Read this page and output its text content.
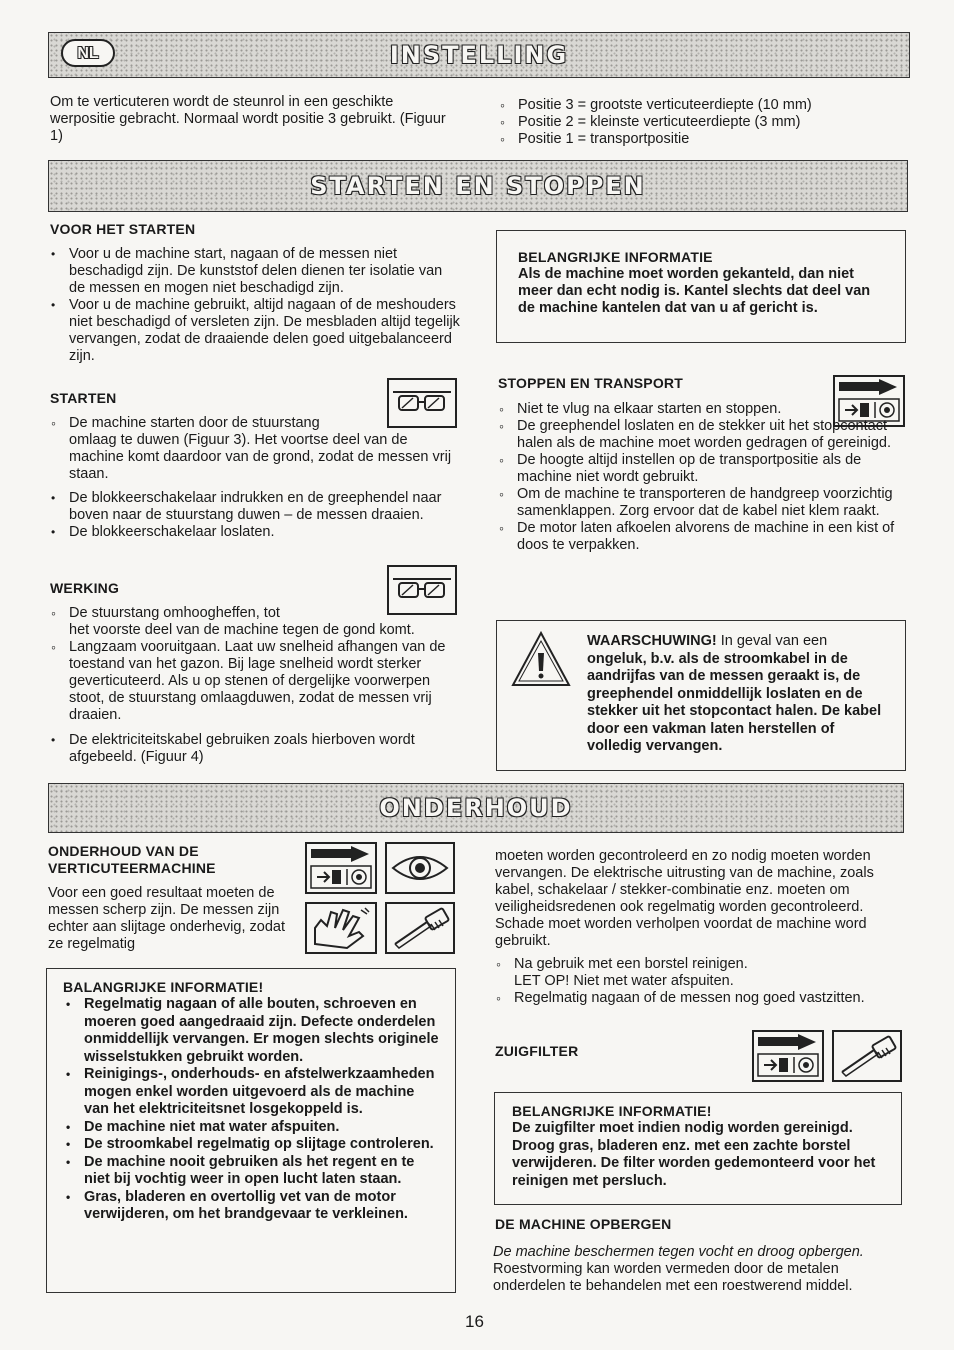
NL	INSTELLING
Om te verticuteren wordt de steunrol in een geschikte werpositie gebracht. Normaal wordt positie 3 gebruikt. (Figuur 1)
◦ Positie 3 = grootste verticuteerdiepte (10 mm)
◦ Positie 2 = kleinste verticuteerdiepte (3 mm)
◦ Positie 1 = transportpositie
STARTEN EN STOPPEN
VOOR HET STARTEN
• Voor u de machine start, nagaan of de messen niet beschadigd zijn. De kunststof delen dienen ter isolatie van de messen en mogen niet beschadigd zijn.
• Voor u de machine gebruikt, altijd nagaan of de meshouders niet beschadigd of versleten zijn. De mesbladen altijd tegelijk vervangen, zodat de draaiende delen goed uitgebalanceerd zijn.
STARTEN
◦ De machine starten door de stuurstang
omlaag te duwen (Figuur 3). Het voortse deel van de machine komt daardoor van de grond, zodat de messen vrij staan.
• De blokkeerschakelaar indrukken en de greephendel naar boven naar de stuurstang duwen – de messen draaien.
• De blokkeerschakelaar loslaten.
WERKING
◦ De stuurstang omhoogheffen, tot
het voorste deel van de machine tegen de gond komt.
◦ Langzaam vooruitgaan. Laat uw snelheid afhangen van de toestand van het gazon. Bij lage snelheid wordt sterker geverticuteerd. Als u op stenen of dergelijke voorwerpen stoot, de stuurstang omlaagduwen, zodat de messen vrij draaien.
• De elektriciteitskabel gebruiken zoals hierboven wordt afgebeeld. (Figuur 4)
BELANGRIJKE INFORMATIE
Als de machine moet worden gekanteld, dan niet meer dan echt nodig is. Kantel slechts dat deel van de machine kantelen dat van u af gericht is.
STOPPEN EN TRANSPORT
◦ Niet te vlug na elkaar starten en stoppen.
◦ De greephendel loslaten en de stekker uit het stopcontact halen als de machine moet worden gedragen of gereinigd.
◦ De hoogte altijd instellen op de transportpositie als de machine niet wordt gebruikt.
◦ Om de machine te transporteren de handgreep voorzichtig samenklappen. Zorg ervoor dat de kabel niet klem raakt.
◦ De motor laten afkoelen alvorens de machine in een kist of doos te verpakken.
WAARSCHUWING! In geval van een ongeluk, b.v. als de stroomkabel in de aandrijfas van de messen geraakt is, de greephendel onmiddellijk loslaten en de stekker uit het stopcontact halen. De kabel door een vakman laten herstellen of volledig vervangen.
ONDERHOUD
ONDERHOUD VAN DE
VERTICUTEERMACHINE
Voor een goed resultaat moeten de messen scherp zijn. De messen zijn echter aan slijtage onderhevig, zodat ze regelmatig
BALANGRIJKE INFORMATIE!
• Regelmatig nagaan of alle bouten, schroeven en moeren goed aangedraaid zijn. Defecte onderdelen onmiddellijk vervangen. Er mogen slechts originele wisselstukken gebruikt worden.
• Reinigings-, onderhouds- en afstelwerkzaamheden mogen enkel worden uitgevoerd als de machine van het elektriciteitsnet losgekoppeld is.
• De machine niet mat water afspuiten.
• De stroomkabel regelmatig op slijtage controleren.
• De machine nooit gebruiken als het regent en te niet bij vochtig weer in open lucht laten staan.
• Gras, bladeren en overtollig vet van de motor verwijderen, om het brandgevaar te verkleinen.
moeten worden gecontroleerd en zo nodig moeten worden vervangen. De elektrische uitrusting van de machine, zoals kabel, schakelaar / stekker-combinatie enz. moeten om veiligheidsredenen ook regelmatig worden gecontroleerd. Schade moet worden verholpen voordat de machine word gebruikt.
◦ Na gebruik met een borstel reinigen.
LET OP! Niet met water afspuiten.
◦ Regelmatig nagaan of de messen nog goed vastzitten.
ZUIGFILTER
BELANGRIJKE INFORMATIE!
De zuigfilter moet indien nodig worden gereinigd. Droog gras, bladeren enz. met een zachte borstel verwijderen. De filter worden gedemonteerd voor het reinigen met persluch.
DE MACHINE OPBERGEN
De machine beschermen tegen vocht en droog opbergen. Roestvorming kan worden vermeden door de metalen onderdelen te behandelen met een roestwerend middel.
16
